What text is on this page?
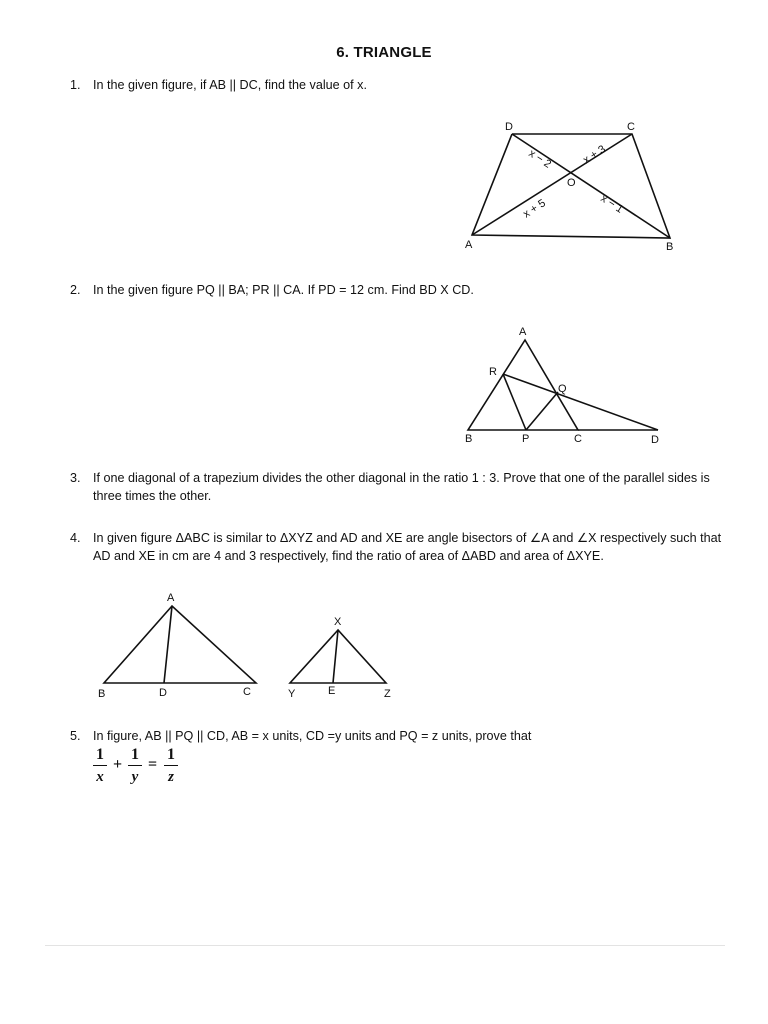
6. TRIANGLE
1. In the given figure, if AB || DC, find the value of x.
D	C
A	B
O
x − 2	x + 3
x + 5	x − 1
2. In the given figure PQ || BA; PR || CA. If PD = 12 cm. Find BD X CD.
A
R
Q
B	P	C	D
3. If one diagonal of a trapezium divides the other diagonal in the ratio 1 : 3. Prove that one of the parallel sides is three times the other.
4. In given figure ΔABC is similar to ΔXYZ and AD and XE are angle bisectors of ∠A and ∠X respectively such that AD and XE in cm are 4 and 3 respectively, find the ratio of area of ΔABD and area of ΔXYE.
A
B	D	C
X
Y	E	Z
5. In figure, AB || PQ || CD, AB = x units, CD =y units and PQ = z units, prove that
1
x
+
1
y
=
1
z
